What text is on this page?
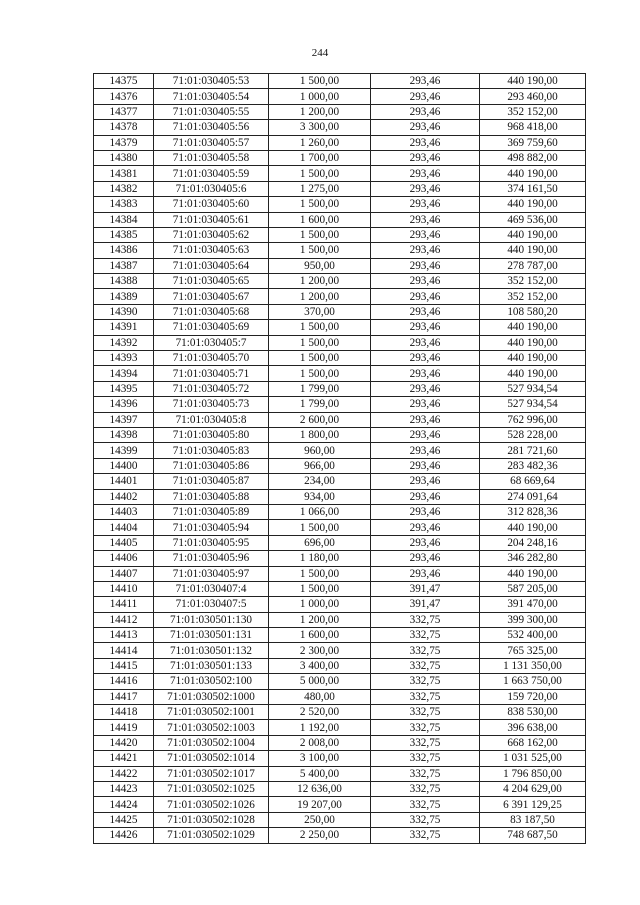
244
14375	71:01:030405:53	1 500,00	293,46	440 190,00
14376	71:01:030405:54	1 000,00	293,46	293 460,00
14377	71:01:030405:55	1 200,00	293,46	352 152,00
14378	71:01:030405:56	3 300,00	293,46	968 418,00
14379	71:01:030405:57	1 260,00	293,46	369 759,60
14380	71:01:030405:58	1 700,00	293,46	498 882,00
14381	71:01:030405:59	1 500,00	293,46	440 190,00
14382	71:01:030405:6	1 275,00	293,46	374 161,50
14383	71:01:030405:60	1 500,00	293,46	440 190,00
14384	71:01:030405:61	1 600,00	293,46	469 536,00
14385	71:01:030405:62	1 500,00	293,46	440 190,00
14386	71:01:030405:63	1 500,00	293,46	440 190,00
14387	71:01:030405:64	950,00	293,46	278 787,00
14388	71:01:030405:65	1 200,00	293,46	352 152,00
14389	71:01:030405:67	1 200,00	293,46	352 152,00
14390	71:01:030405:68	370,00	293,46	108 580,20
14391	71:01:030405:69	1 500,00	293,46	440 190,00
14392	71:01:030405:7	1 500,00	293,46	440 190,00
14393	71:01:030405:70	1 500,00	293,46	440 190,00
14394	71:01:030405:71	1 500,00	293,46	440 190,00
14395	71:01:030405:72	1 799,00	293,46	527 934,54
14396	71:01:030405:73	1 799,00	293,46	527 934,54
14397	71:01:030405:8	2 600,00	293,46	762 996,00
14398	71:01:030405:80	1 800,00	293,46	528 228,00
14399	71:01:030405:83	960,00	293,46	281 721,60
14400	71:01:030405:86	966,00	293,46	283 482,36
14401	71:01:030405:87	234,00	293,46	68 669,64
14402	71:01:030405:88	934,00	293,46	274 091,64
14403	71:01:030405:89	1 066,00	293,46	312 828,36
14404	71:01:030405:94	1 500,00	293,46	440 190,00
14405	71:01:030405:95	696,00	293,46	204 248,16
14406	71:01:030405:96	1 180,00	293,46	346 282,80
14407	71:01:030405:97	1 500,00	293,46	440 190,00
14410	71:01:030407:4	1 500,00	391,47	587 205,00
14411	71:01:030407:5	1 000,00	391,47	391 470,00
14412	71:01:030501:130	1 200,00	332,75	399 300,00
14413	71:01:030501:131	1 600,00	332,75	532 400,00
14414	71:01:030501:132	2 300,00	332,75	765 325,00
14415	71:01:030501:133	3 400,00	332,75	1 131 350,00
14416	71:01:030502:100	5 000,00	332,75	1 663 750,00
14417	71:01:030502:1000	480,00	332,75	159 720,00
14418	71:01:030502:1001	2 520,00	332,75	838 530,00
14419	71:01:030502:1003	1 192,00	332,75	396 638,00
14420	71:01:030502:1004	2 008,00	332,75	668 162,00
14421	71:01:030502:1014	3 100,00	332,75	1 031 525,00
14422	71:01:030502:1017	5 400,00	332,75	1 796 850,00
14423	71:01:030502:1025	12 636,00	332,75	4 204 629,00
14424	71:01:030502:1026	19 207,00	332,75	6 391 129,25
14425	71:01:030502:1028	250,00	332,75	83 187,50
14426	71:01:030502:1029	2 250,00	332,75	748 687,50
